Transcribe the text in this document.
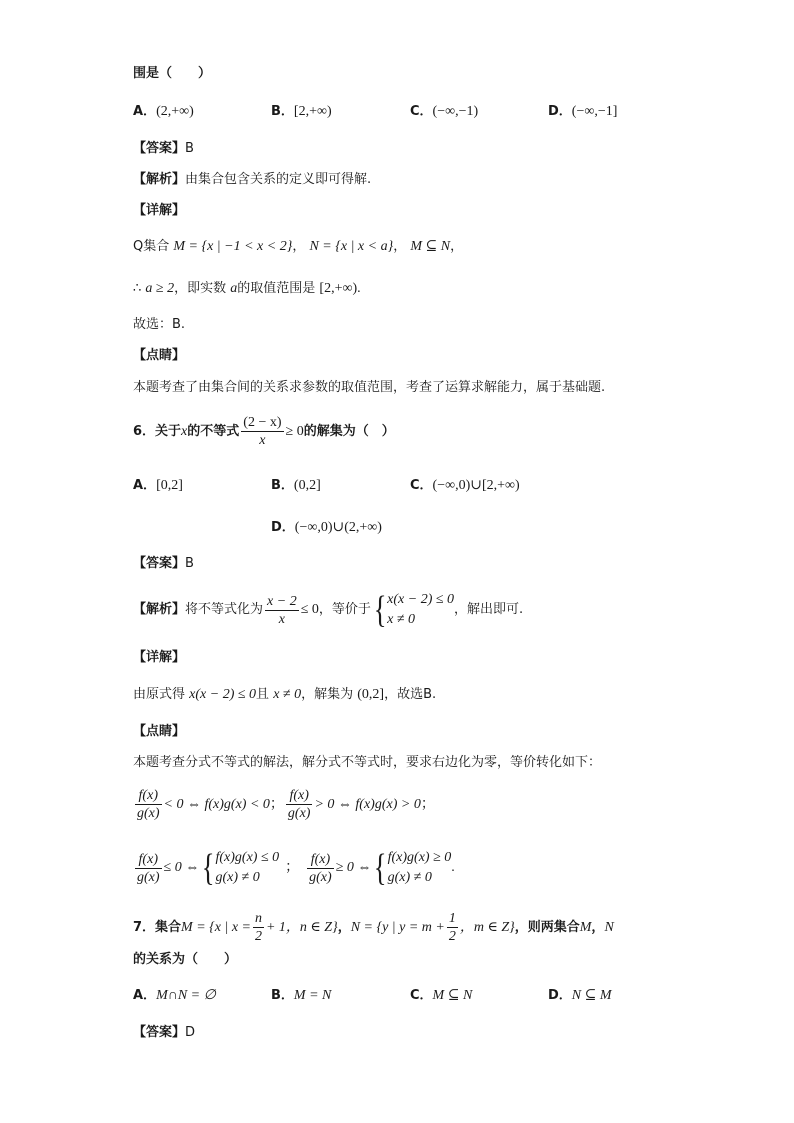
围是（　　）
A．(2,+∞)	B．[2,+∞)	C．(−∞,−1)	D．(−∞,−1]
【答案】B
【解析】由集合包含关系的定义即可得解.
【详解】
Q集合 M = {x | −1 < x < 2}， N = {x | x < a}， M ⊆ N，
∴ a ≥ 2，即实数 a的取值范围是 [2,+∞).
故选：B.
【点睛】
本题考查了由集合间的关系求参数的取值范围，考查了运算求解能力，属于基础题.
6．关于 x 的不等式 $\frac{(2 - x)}{x} \ge 0$ 的解集为（　）
A．[0,2]	B．(0,2]	C．(−∞,0)∪[2,+∞)
D．(−∞,0)∪(2,+∞)
【答案】B
【解析】 将不等式化为 $\frac{x - 2}{x} \le 0$ ，等价于 { x(x − 2) ≤ 0
x ≠ 0
，解出即可.
【详解】
由原式得 x(x − 2) ≤ 0且 x ≠ 0，解集为 (0,2]，故选B.
【点睛】
本题考查分式不等式的解法，解分式不等式时，要求右边化为零，等价转化如下：
$\frac{f(x)}{g(x)} < 0$ ⇔ f(x)g(x) < 0 ； $\frac{f(x)}{g(x)} > 0$ ⇔ f(x)g(x) > 0 ；
$\frac{f(x)}{g(x)} \le 0$ ⇔ { f(x)g(x) ≤ 0
g(x) ≠ 0
； $\frac{f(x)}{g(x)} \ge 0$ ⇔ { f(x)g(x) ≥ 0
g(x) ≠ 0
.
7．集合 M = {x | $x = \frac{n}{2} + 1$，n ∈ Z} ， N = {y | $y = m + \frac{1}{2}$ ，m ∈ Z} ，则两集合 M ， N
的关系为（　　）
A．M∩N = ∅	B．M = N	C．M ⊆ N	D．N ⊆ M
【答案】D
